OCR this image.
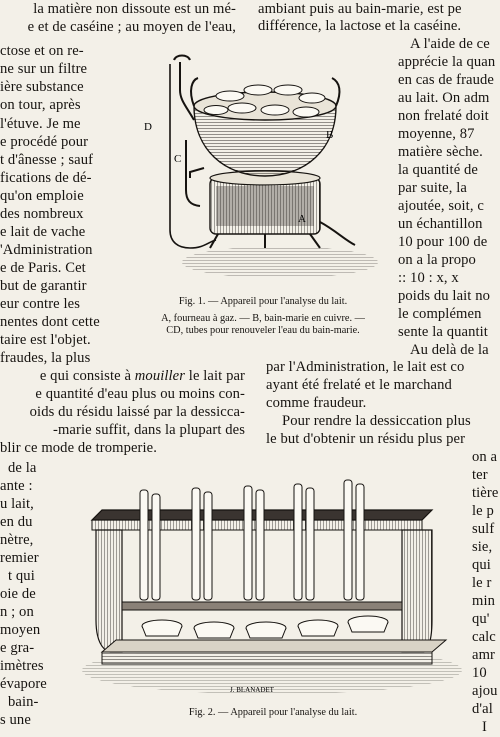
la matière non dissoute est un mé-
e et de caséine ; au moyen de l'eau,
ctose et on re-
ne sur un filtre
ière substance
on tour, après
l'étuve. Je me
e procédé pour
t d'ânesse ; sauf
fications de dé-
qu'on emploie
des nombreux
e lait de vache
'Administration
e de Paris. Cet
but de garantir
eur contre les
nentes dont cette
taire est l'objet.
fraudes, la plus
ambiant puis au bain-marie, est pe
différence, la lactose et la caséine.
A l'aide de ce
apprécie la quan
en cas de fraude
au lait. On adm
non frelaté doit
moyenne, 87
matière sèche.
la quantité de
par suite, la
ajoutée, soit, c
un échantillon
10 pour 100 de
on a la propo
:: 10 : x, x
poids du lait no
le complémen
sente la quantit
Au delà de la
A
B
C
D
Fig. 1. — Appareil pour l'analyse du lait.
A, fourneau à gaz. — B, bain-marie en cuivre. —
CD, tubes pour renouveler l'eau du bain-marie.
e qui consiste à mouiller le lait par
e quantité d'eau plus ou moins con-
oids du résidu laissé par la dessicca-
-marie suffit, dans la plupart des
blir ce mode de tromperie.
par l'Administration, le lait est co
ayant été frelaté et le marchand
comme fraudeur.
Pour rendre la dessiccation plus
le but d'obtenir un résidu plus per
de la
ante :
u lait,
en du
nètre,
remier
t qui
oie de
n ; on
moyen
e gra-
imètres
évapore
bain-
s une
on a
ter
tière
le p
sulf
sie,
qui
le r
min
qu'
calc
amr
10
ajou
d'al
I
J. BLANADET
Fig. 2. — Appareil pour l'analyse du lait.
